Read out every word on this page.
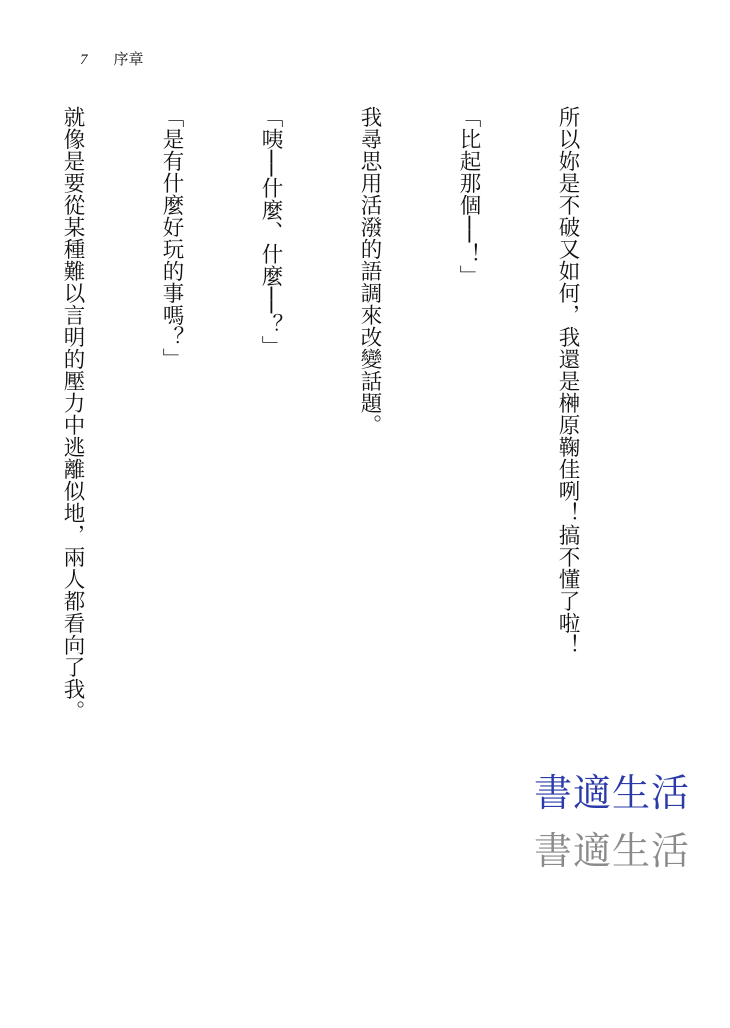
7 序章

所以妳是不破又如何，我還是榊原鞠佳咧！搞不懂了啦！

「比起那個──！」

我尋思用活潑的語調來改變話題。

「咦──什麼、什麼──？」

「是有什麼好玩的事嗎？」

就像是要從某種難以言明的壓力中逃離似地，兩人都看向了我。

書適生活
書適生活
